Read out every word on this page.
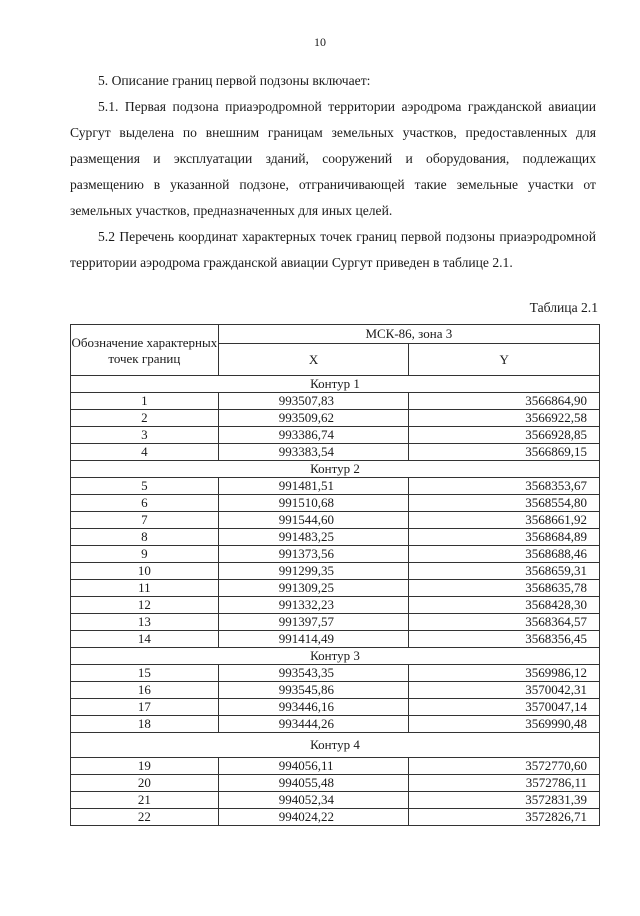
10

5. Описание границ первой подзоны включает:

5.1. Первая подзона приаэродромной территории аэродрома гражданской авиации Сургут выделена по внешним границам земельных участков, предоставленных для размещения и эксплуатации зданий, сооружений и оборудования, подлежащих размещению в указанной подзоне, отграничивающей такие земельные участки от земельных участков, предназначенных для иных целей.

5.2 Перечень координат характерных точек границ первой подзоны приаэродромной территории аэродрома гражданской авиации Сургут приведен в таблице 2.1.

Таблица 2.1
Обозначение характерных точек границ	МСК-86, зона 3	
	X	Y
Контур 1		
1	993507,83	3566864,90
2	993509,62	3566922,58
3	993386,74	3566928,85
4	993383,54	3566869,15
Контур 2		
5	991481,51	3568353,67
6	991510,68	3568554,80
7	991544,60	3568661,92
8	991483,25	3568684,89
9	991373,56	3568688,46
10	991299,35	3568659,31
11	991309,25	3568635,78
12	991332,23	3568428,30
13	991397,57	3568364,57
14	991414,49	3568356,45
Контур 3		
15	993543,35	3569986,12
16	993545,86	3570042,31
17	993446,16	3570047,14
18	993444,26	3569990,48
Контур 4		
19	994056,11	3572770,60
20	994055,48	3572786,11
21	994052,34	3572831,39
22	994024,22	3572826,71
